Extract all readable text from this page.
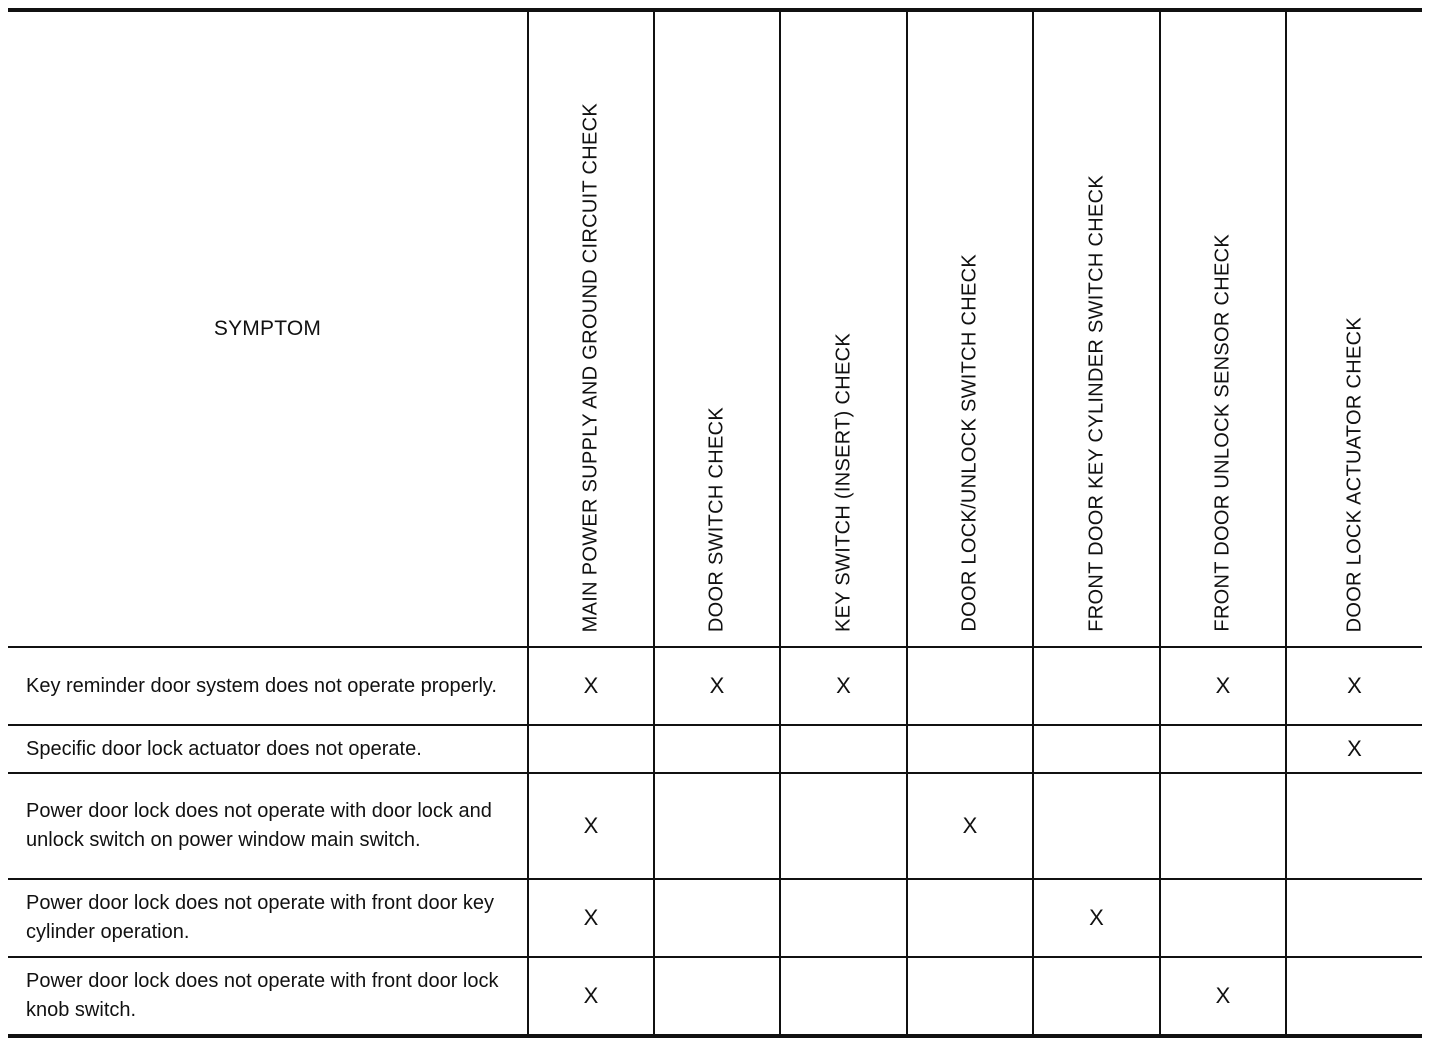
SYMPTOM	MAIN POWER SUPPLY AND GROUND CIRCUIT CHECK	DOOR SWITCH CHECK	KEY SWITCH (INSERT) CHECK	DOOR LOCK/UNLOCK SWITCH CHECK	FRONT DOOR KEY CYLINDER SWITCH CHECK	FRONT DOOR UNLOCK SENSOR CHECK	DOOR LOCK ACTUATOR CHECK

Key reminder door system does not operate properly.	X	X	X			X	X
Specific door lock actuator does not operate.							X
Power door lock does not operate with door lock and unlock switch on power window main switch.	X			X			
Power door lock does not operate with front door key cylinder operation.	X				X		
Power door lock does not operate with front door lock knob switch.	X					X	
